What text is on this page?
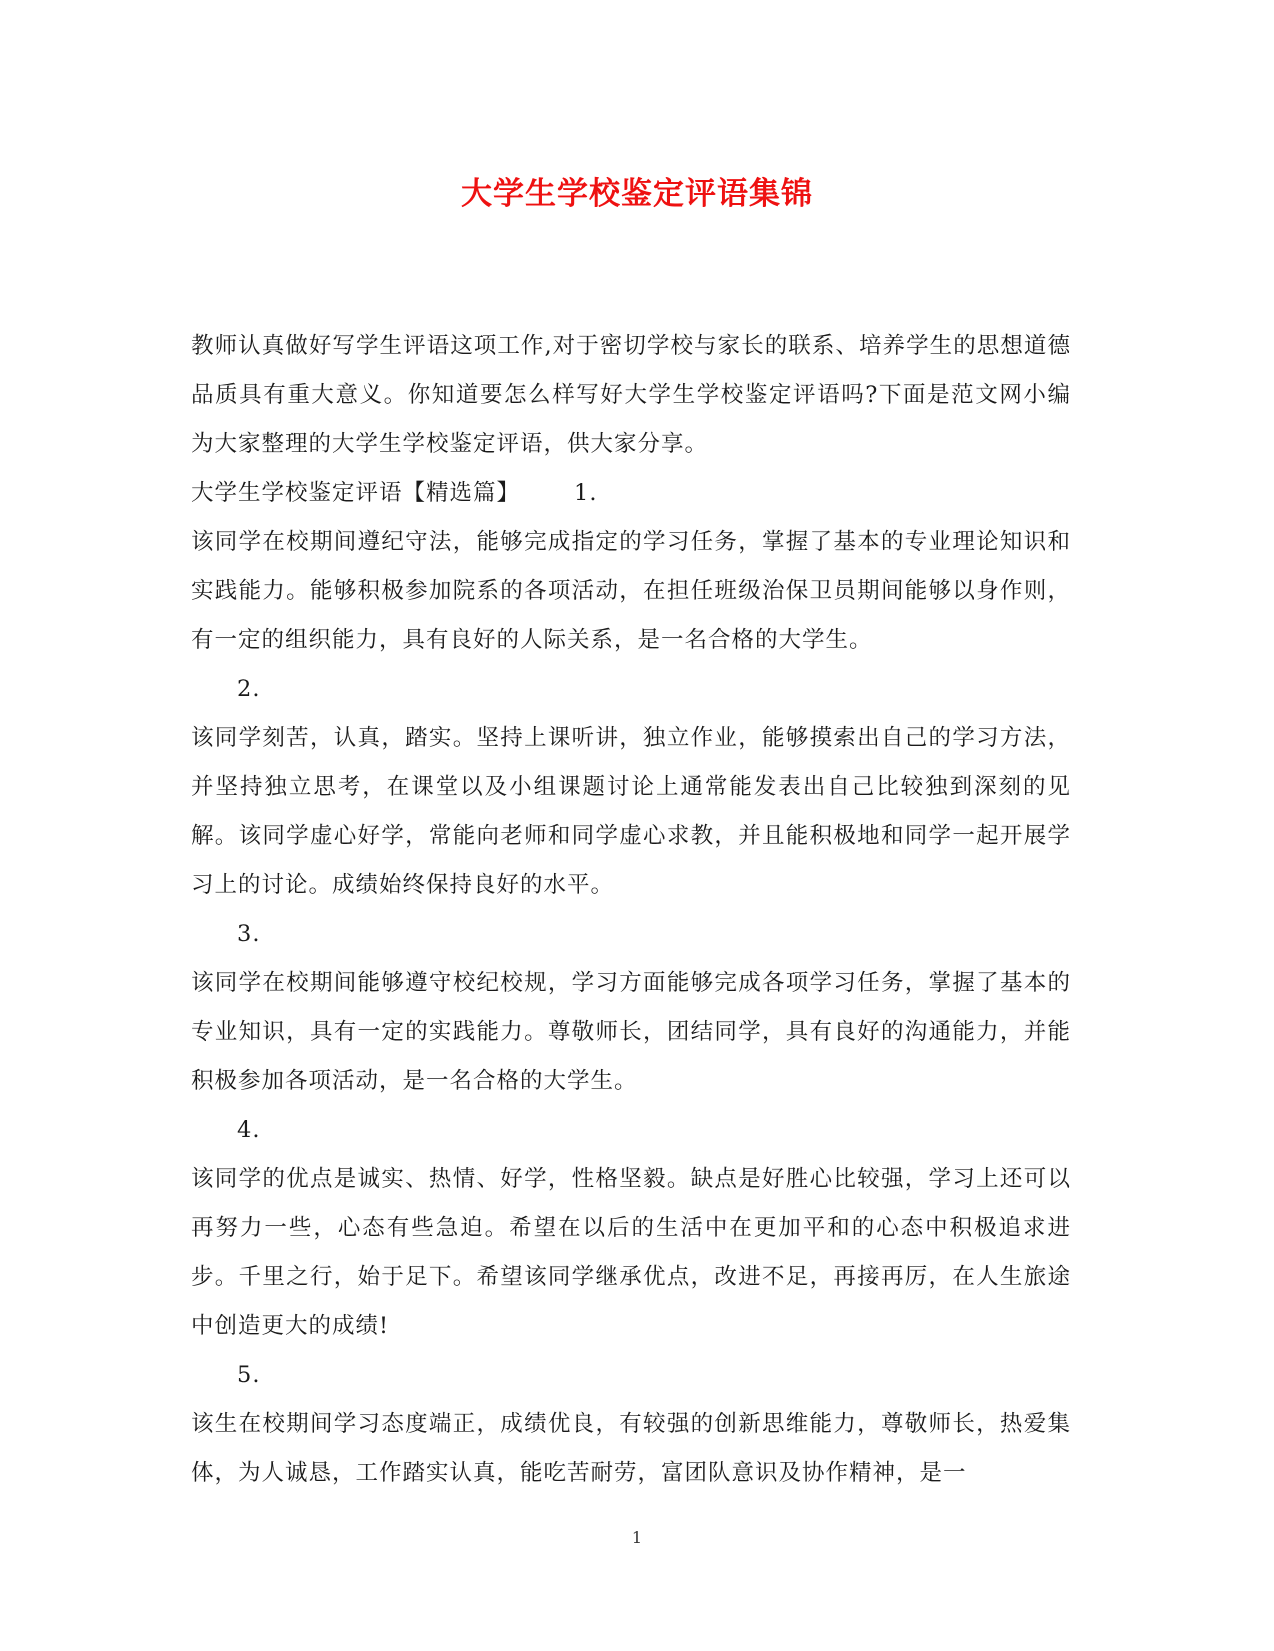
大学生学校鉴定评语集锦

教师认真做好写学生评语这项工作,对于密切学校与家长的联系、培养学生的思想道德品质具有重大意义。你知道要怎么样写好大学生学校鉴定评语吗?下面是范文网小编为大家整理的大学生学校鉴定评语，供大家分享。

大学生学校鉴定评语【精选篇】 1.

该同学在校期间遵纪守法，能够完成指定的学习任务，掌握了基本的专业理论知识和实践能力。能够积极参加院系的各项活动，在担任班级治保卫员期间能够以身作则，有一定的组织能力，具有良好的人际关系，是一名合格的大学生。

2.

该同学刻苦，认真，踏实。坚持上课听讲，独立作业，能够摸索出自己的学习方法，并坚持独立思考，在课堂以及小组课题讨论上通常能发表出自己比较独到深刻的见解。该同学虚心好学，常能向老师和同学虚心求教，并且能积极地和同学一起开展学习上的讨论。成绩始终保持良好的水平。

3.

该同学在校期间能够遵守校纪校规，学习方面能够完成各项学习任务，掌握了基本的专业知识，具有一定的实践能力。尊敬师长，团结同学，具有良好的沟通能力，并能积极参加各项活动，是一名合格的大学生。

4.

该同学的优点是诚实、热情、好学，性格坚毅。缺点是好胜心比较强，学习上还可以再努力一些，心态有些急迫。希望在以后的生活中在更加平和的心态中积极追求进步。千里之行，始于足下。希望该同学继承优点，改进不足，再接再厉，在人生旅途中创造更大的成绩!

5.

该生在校期间学习态度端正，成绩优良，有较强的创新思维能力，尊敬师长，热爱集体，为人诚恳，工作踏实认真，能吃苦耐劳，富团队意识及协作精神，是一

1
